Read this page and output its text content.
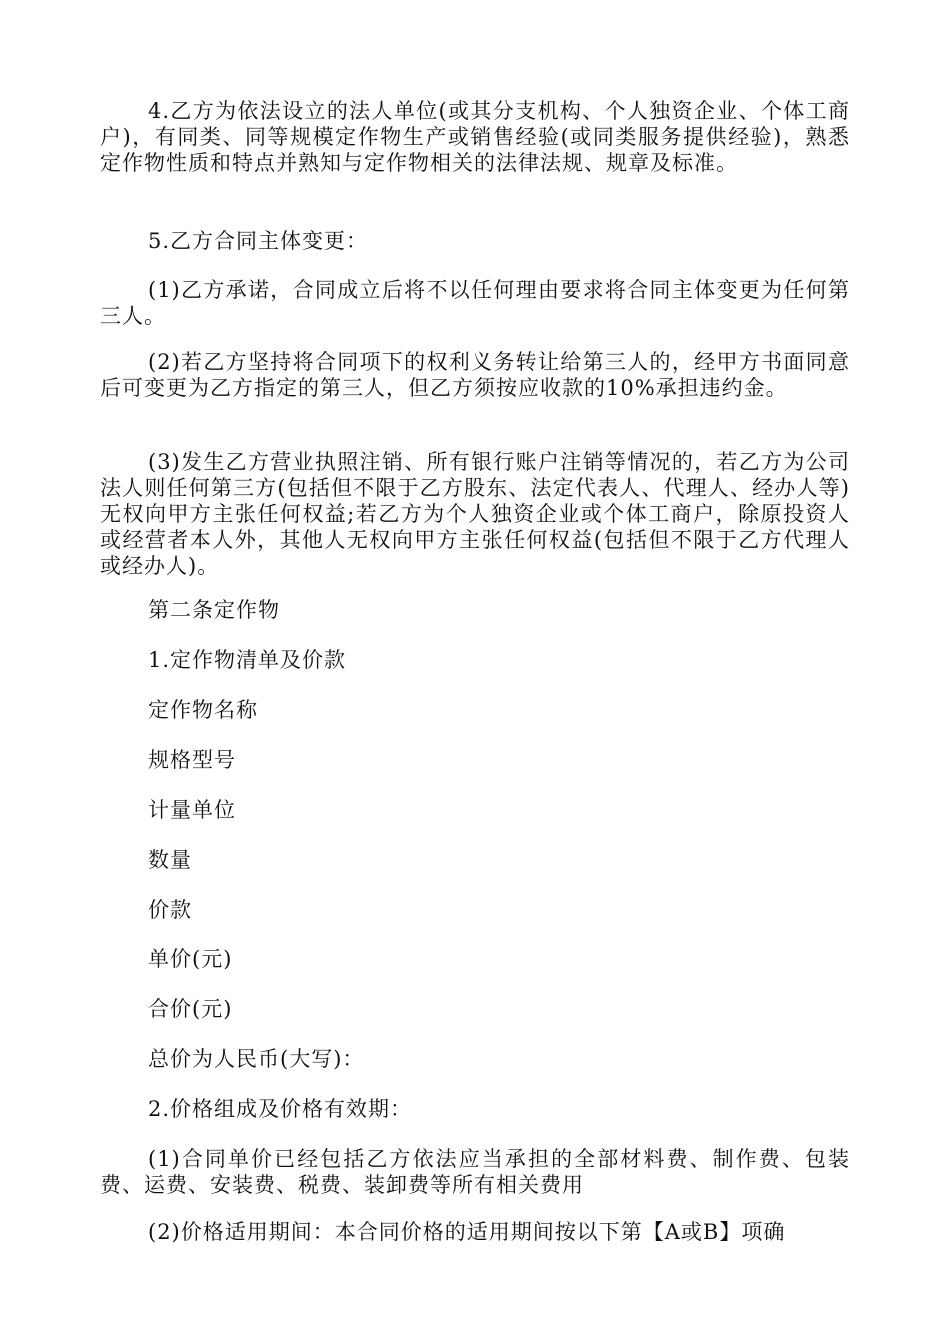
4.乙方为依法设立的法人单位(或其分支机构、个人独资企业、个体工商户)，有同类、同等规模定作物生产或销售经验(或同类服务提供经验)，熟悉定作物性质和特点并熟知与定作物相关的法律法规、规章及标准。

5.乙方合同主体变更：

(1)乙方承诺，合同成立后将不以任何理由要求将合同主体变更为任何第三人。

(2)若乙方坚持将合同项下的权利义务转让给第三人的，经甲方书面同意后可变更为乙方指定的第三人，但乙方须按应收款的10%承担违约金。

(3)发生乙方营业执照注销、所有银行账户注销等情况的，若乙方为公司法人则任何第三方(包括但不限于乙方股东、法定代表人、代理人、经办人等)无权向甲方主张任何权益;若乙方为个人独资企业或个体工商户，除原投资人或经营者本人外，其他人无权向甲方主张任何权益(包括但不限于乙方代理人或经办人)。

第二条定作物

1.定作物清单及价款

定作物名称

规格型号

计量单位

数量

价款

单价(元)

合价(元)

总价为人民币(大写)：

2.价格组成及价格有效期：

(1)合同单价已经包括乙方依法应当承担的全部材料费、制作费、包装费、运费、安装费、税费、装卸费等所有相关费用

(2)价格适用期间：本合同价格的适用期间按以下第【A或B】项确
